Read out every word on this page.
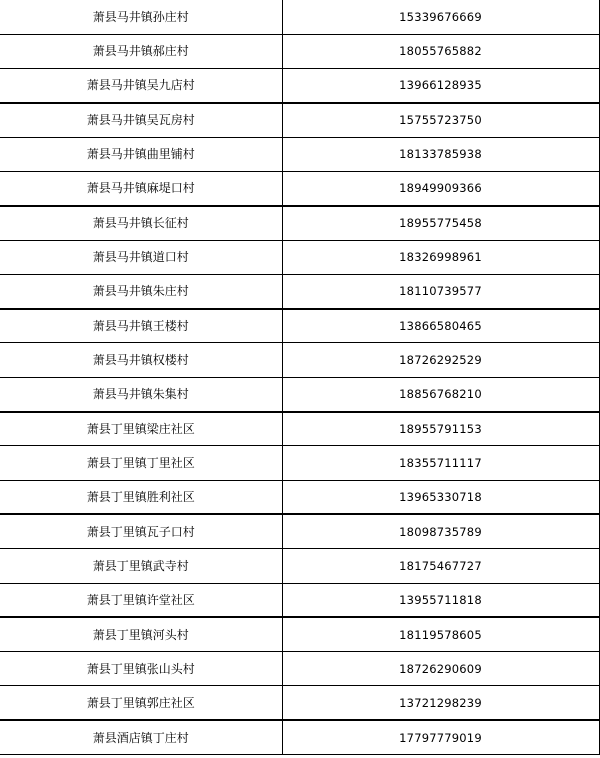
萧县马井镇孙庄村	15339676669
萧县马井镇郝庄村	18055765882
萧县马井镇吴九店村	13966128935
萧县马井镇吴瓦房村	15755723750
萧县马井镇曲里铺村	18133785938
萧县马井镇麻堤口村	18949909366
萧县马井镇长征村	18955775458
萧县马井镇道口村	18326998961
萧县马井镇朱庄村	18110739577
萧县马井镇王楼村	13866580465
萧县马井镇权楼村	18726292529
萧县马井镇朱集村	18856768210
萧县丁里镇梁庄社区	18955791153
萧县丁里镇丁里社区	18355711117
萧县丁里镇胜利社区	13965330718
萧县丁里镇瓦子口村	18098735789
萧县丁里镇武寺村	18175467727
萧县丁里镇许堂社区	13955711818
萧县丁里镇河头村	18119578605
萧县丁里镇张山头村	18726290609
萧县丁里镇郭庄社区	13721298239
萧县酒店镇丁庄村	17797779019
